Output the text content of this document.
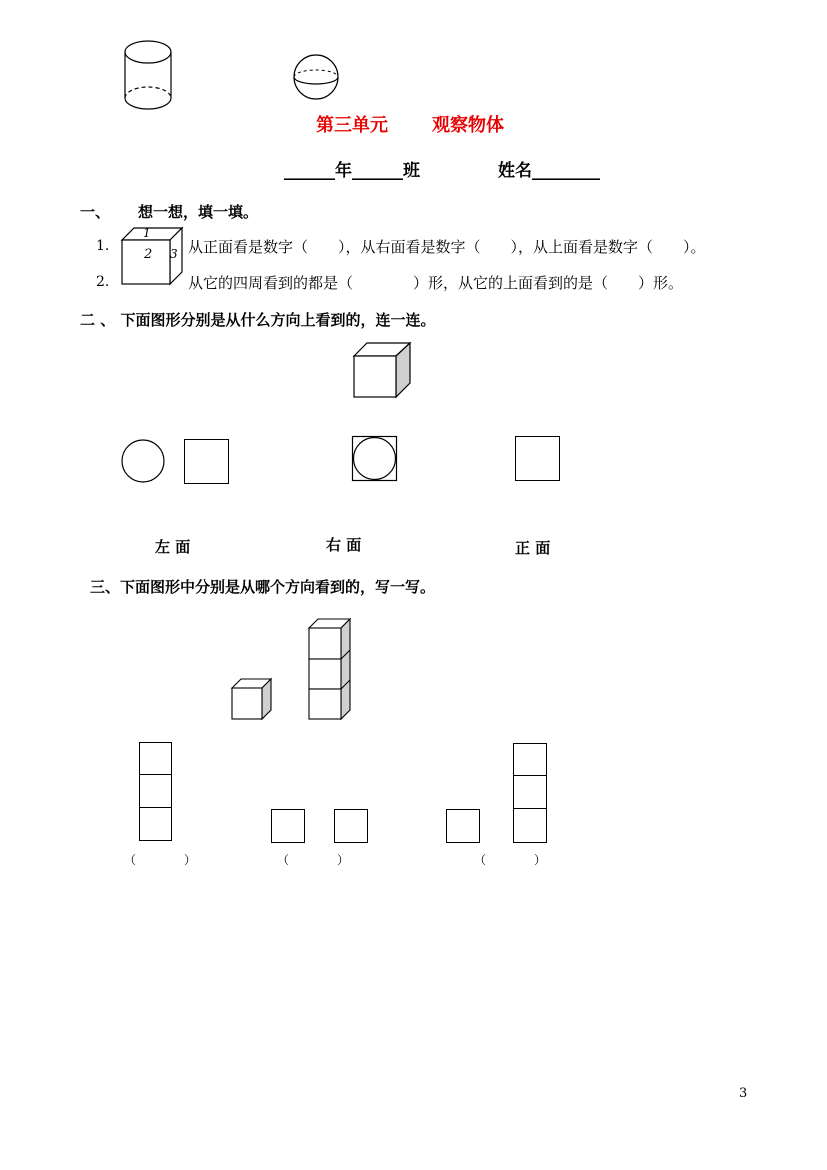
第三单元 观察物体
______年______班	姓名________
一、 想一想，填一填。
1.
1
2 3 从正面看是数字（　　），从右面看是数字（　　），从上面看是数字（　　）。
2.	从它的四周看到的都是（　　　　）形，从它的上面看到的是（　　）形。
二 、 下面图形分别是从什么方向上看到的，连一连。
左 面	右 面	正 面
三、下面图形中分别是从哪个方向看到的，写一写。
（　　　　）	（　　　　）	（　　　　）
3
